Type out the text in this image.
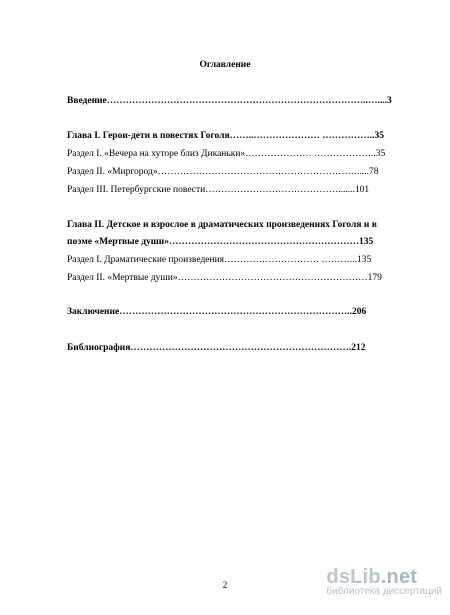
Оглавление
Введение………………………………………………………………………..…....3
Глава I. Герои-дети в повестях Гоголя……..………………… ……………..35
Раздел I. «Вечера на хуторе близ Диканьки»………………… ………………..35
Раздел II. «Миргород»……………………………………………………….....78
Раздел III. Петербургские повести…………………………………….......101
Глава II. Детское и взрослое в драматических произведениях Гоголя и в
поэме «Мертвые души»……………………………………………………135
Раздел I. Драматические произведения………………………… ………...135
Раздел II. «Мертвые души»……………………………………………………179
Заключение………………………………………………………………..206
Библиография…………………………………………………………….212
2	dsLib.net
библиотека диссертаций
